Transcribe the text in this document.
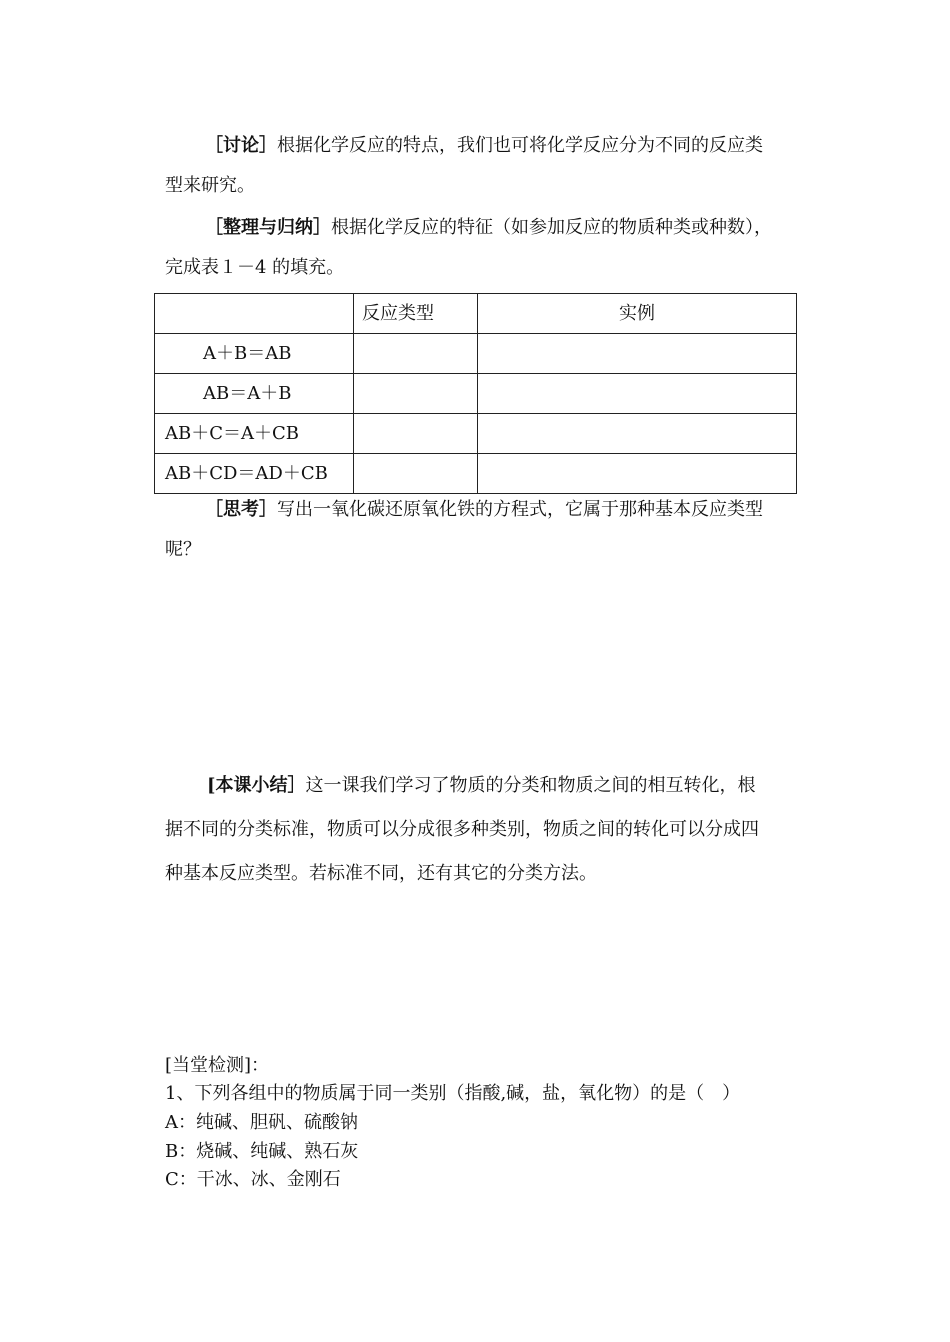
［讨论］根据化学反应的特点，我们也可将化学反应分为不同的反应类
型来研究。
［整理与归纳］根据化学反应的特征（如参加反应的物质种类或种数），
完成表１－4 的填充。

	反应类型	实例

A＋B＝AB		

AB＝A＋B		

AB＋C＝A＋CB		

AB＋CD＝AD＋CB		

［思考］写出一氧化碳还原氧化铁的方程式，它属于那种基本反应类型
呢？
[本课小结］这一课我们学习了物质的分类和物质之间的相互转化，根
据不同的分类标准，物质可以分成很多种类别，物质之间的转化可以分成四
种基本反应类型。若标准不同，还有其它的分类方法。
[当堂检测]：
1、下列各组中的物质属于同一类别（指酸,碱，盐，氧化物）的是（　）
A：纯碱、胆矾、硫酸钠
B：烧碱、纯碱、熟石灰
C：干冰、冰、金刚石
